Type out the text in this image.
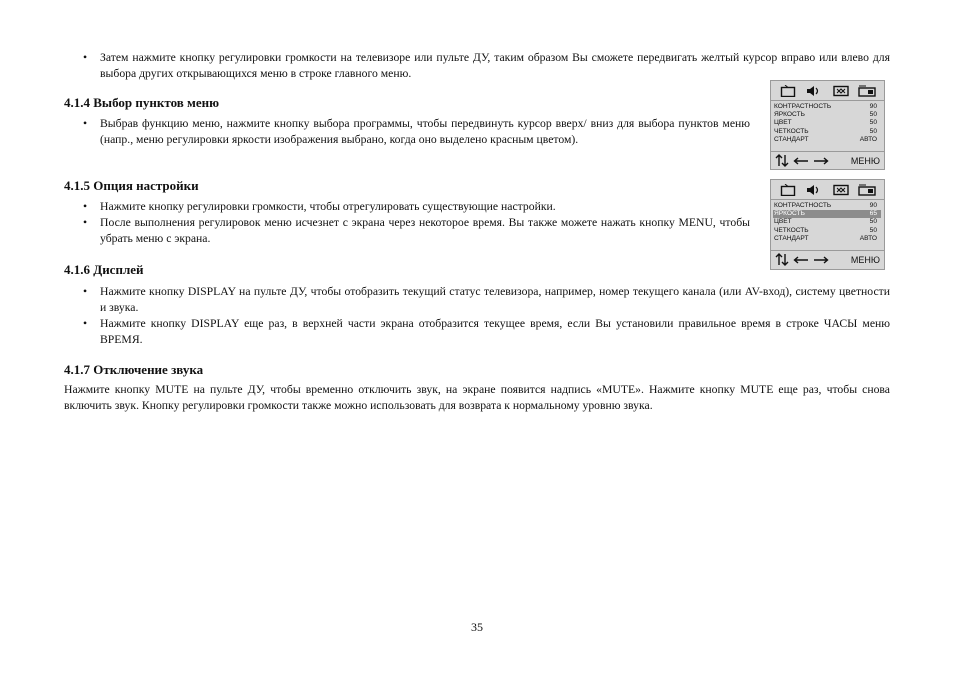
• Затем нажмите кнопку регулировки громкости на телевизоре или пульте ДУ, таким образом Вы сможете передвигать желтый курсор вправо или влево для выбора других открывающихся меню в строке главного меню.

4.1.4 Выбор пунктов меню

• Выбрав функцию меню, нажмите кнопку выбора программы, чтобы передвинуть курсор вверх/ вниз для выбора пунктов меню (напр., меню регулировки яркости изображения выбрано, когда оно выделено красным цветом).

4.1.5 Опция настройки

• Нажмите кнопку регулировки громкости, чтобы отрегулировать существующие настройки.

• После выполнения регулировок меню исчезнет с экрана через некоторое время. Вы также можете нажать кнопку MENU, чтобы убрать меню с экрана.

4.1.6 Дисплей

• Нажмите кнопку DISPLAY на пульте ДУ, чтобы отобразить текущий статус телевизора, например, номер текущего канала (или AV-вход), систему цветности и звука.

• Нажмите кнопку DISPLAY еще раз, в верхней части экрана отобразится текущее время, если Вы установили правильное время в строке ЧАСЫ меню ВРЕМЯ.

4.1.7 Отключение звука

Нажмите кнопку MUTE на пульте ДУ, чтобы временно отключить звук, на экране появится надпись «MUTE». Нажмите кнопку MUTE еще раз, чтобы снова включить звук. Кнопку регулировки громкости также можно использовать для возврата к нормальному уровню звука.

КОНТРАСТНОСТЬ	90
ЯРКОСТЬ	50
ЦВЕТ	50
ЧЕТКОСТЬ	50
СТАНДАРТ	АВТО
МЕНЮ
КОНТРАСТНОСТЬ	90
ЯРКОСТЬ	65
ЦВЕТ	50
ЧЕТКОСТЬ	50
СТАНДАРТ	АВТО
МЕНЮ
35
